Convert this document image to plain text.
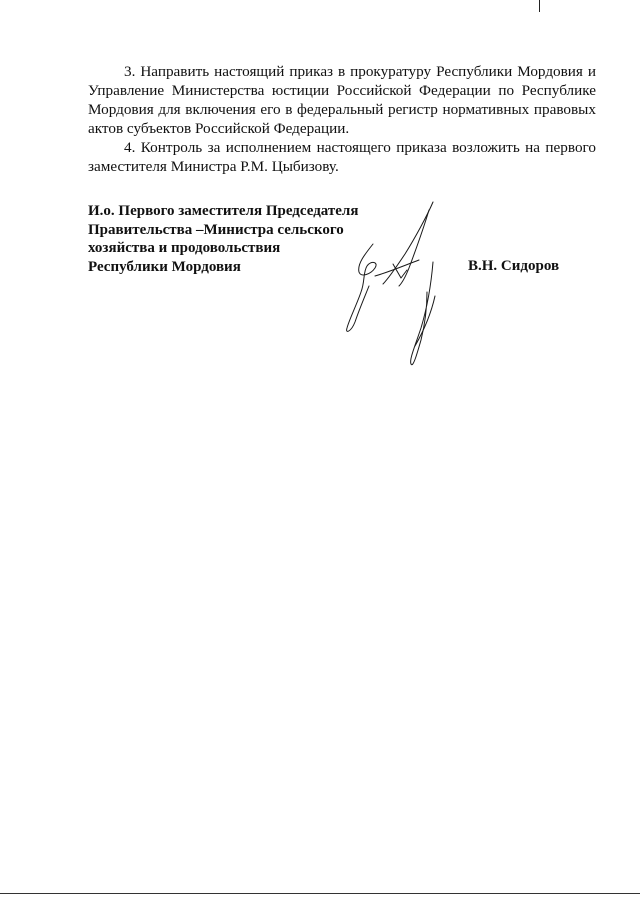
3. Направить настоящий приказ в прокуратуру Республики Мордовия и Управление Министерства юстиции Российской Федерации по Республике Мордовия для включения его в федеральный регистр нормативных правовых актов субъектов Российской Федерации.

4. Контроль за исполнением настоящего приказа возложить на первого заместителя Министра Р.М. Цыбизову.

И.о. Первого заместителя Председателя
Правительства –Министра сельского
хозяйства и продовольствия
Республики Мордовия	В.Н. Сидоров
